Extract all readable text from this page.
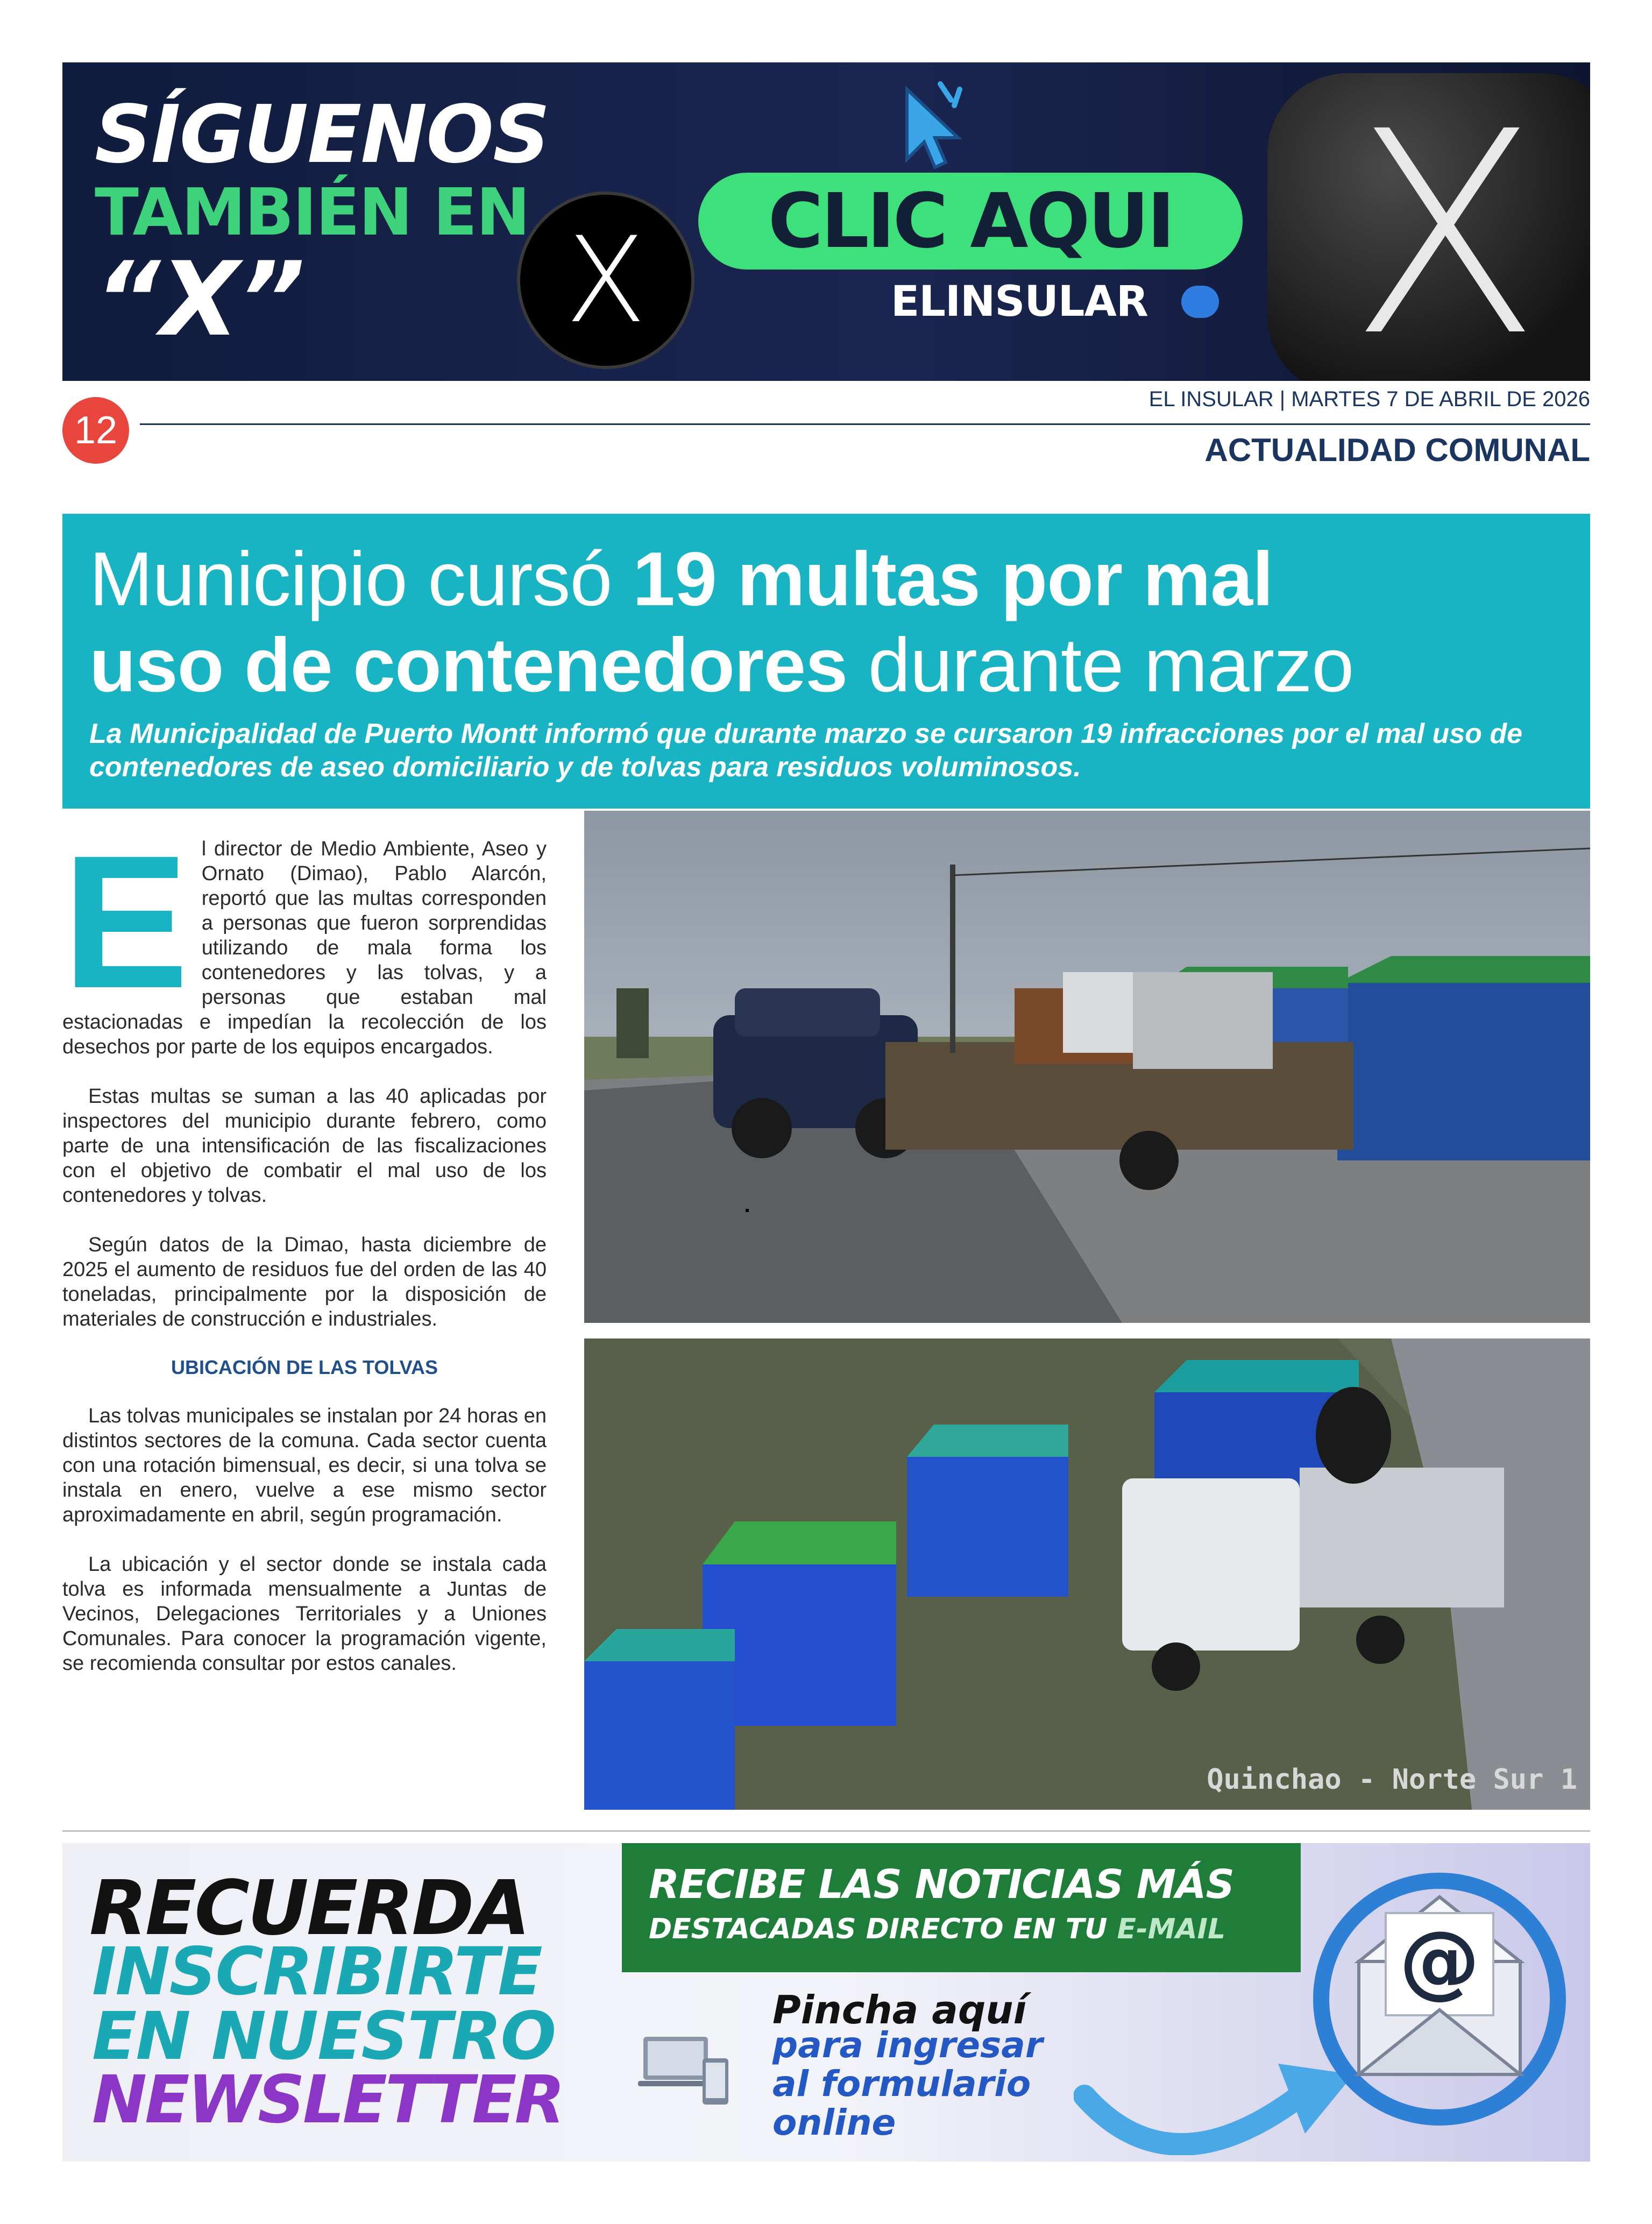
SÍGUENOS
TAMBIÉN EN
“X”	X	CLIC AQUI
ELINSULAR X
12
EL INSULAR | MARTES 7 DE ABRIL DE 2026
ACTUALIDAD COMUNAL
Municipio cursó 19 multas por mal
uso de contenedores durante marzo
La Municipalidad de Puerto Montt informó que durante marzo se cursaron 19 infracciones por el mal uso de contenedores de aseo domiciliario y de tolvas para residuos voluminosos.

El director de Medio Ambiente, Aseo y Ornato (Dimao), Pablo Alarcón, reportó que las multas corresponden a personas que fueron sorprendidas utilizando de mala forma los contenedores y las tolvas, y a personas que estaban mal estacionadas e impedían la recolección de los desechos por parte de los equipos encargados.

Estas multas se suman a las 40 aplicadas por inspectores del municipio durante febrero, como parte de una intensificación de las fiscalizaciones con el objetivo de combatir el mal uso de los contenedores y tolvas.

Según datos de la Dimao, hasta diciembre de 2025 el aumento de residuos fue del orden de las 40 toneladas, principalmente por la disposición de materiales de construcción e industriales.

UBICACIÓN DE LAS TOLVAS

Las tolvas municipales se instalan por 24 horas en distintos sectores de la comuna. Cada sector cuenta con una rotación bimensual, es decir, si una tolva se instala en enero, vuelve a ese mismo sector aproximadamente en abril, según programación.

La ubicación y el sector donde se instala cada tolva es informada mensualmente a Juntas de Vecinos, Delegaciones Territoriales y a Uniones Comunales. Para conocer la programación vigente, se recomienda consultar por estos canales.

Quinchao - Norte Sur 1
RECUERDA
INSCRIBIRTE
EN NUESTRO
NEWSLETTER
RECIBE LAS NOTICIAS MÁS
DESTACADAS DIRECTO EN TU E-MAIL
Pincha aquí
para ingresar
al formulario
online
@
